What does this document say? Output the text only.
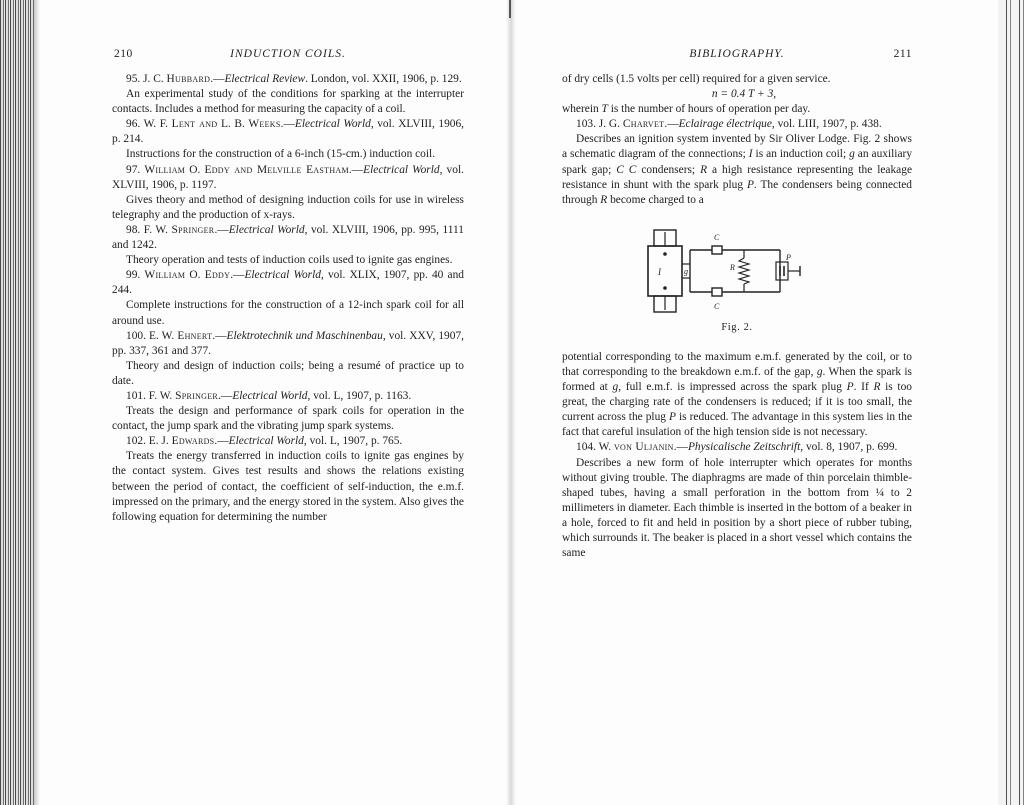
210	INDUCTION COILS.

95. J. C. Hubbard.—Electrical Review. London, vol. XXII, 1906, p. 129.

An experimental study of the conditions for sparking at the interrupter contacts. Includes a method for measuring the capacity of a coil.

96. W. F. Lent and L. B. Weeks.—Electrical World, vol. XLVIII, 1906, p. 214.

Instructions for the construction of a 6-inch (15-cm.) induction coil.

97. William O. Eddy and Melville Eastham.—Electrical World, vol. XLVIII, 1906, p. 1197.

Gives theory and method of designing induction coils for use in wireless telegraphy and the production of x-rays.

98. F. W. Springer.—Electrical World, vol. XLVIII, 1906, pp. 995, 1111 and 1242.

Theory operation and tests of induction coils used to ignite gas engines.

99. William O. Eddy.—Electrical World, vol. XLIX, 1907, pp. 40 and 244.

Complete instructions for the construction of a 12-inch spark coil for all around use.

100. E. W. Ehnert.—Elektrotechnik und Maschinenbau, vol. XXV, 1907, pp. 337, 361 and 377.

Theory and design of induction coils; being a resumé of practice up to date.

101. F. W. Springer.—Electrical World, vol. L, 1907, p. 1163.

Treats the design and performance of spark coils for operation in the contact, the jump spark and the vibrating jump spark systems.

102. E. J. Edwards.—Electrical World, vol. L, 1907, p. 765.

Treats the energy transferred in induction coils to ignite gas engines by the contact system. Gives test results and shows the relations existing between the period of contact, the coefficient of self-induction, the e.m.f. impressed on the primary, and the energy stored in the system. Also gives the following equation for determining the number

BIBLIOGRAPHY.	211

of dry cells (1.5 volts per cell) required for a given service.

n = 0.4 T + 3,

wherein T is the number of hours of operation per day.

103. J. G. Charvet.—Eclairage électrique, vol. LIII, 1907, p. 438.

Describes an ignition system invented by Sir Oliver Lodge. Fig. 2 shows a schematic diagram of the connections; I is an induction coil; g an auxiliary spark gap; C C condensers; R a high resistance representing the leakage resistance in shunt with the spark plug P. The condensers being connected through R become charged to a

I	g
C
C
R
P
Fig. 2.

potential corresponding to the maximum e.m.f. generated by the coil, or to that corresponding to the breakdown e.m.f. of the gap, g. When the spark is formed at g, full e.m.f. is impressed across the spark plug P. If R is too great, the charging rate of the condensers is reduced; if it is too small, the current across the plug P is reduced. The advantage in this system lies in the fact that careful insulation of the high tension side is not necessary.

104. W. von Uljanin.—Physicalische Zeitschrift, vol. 8, 1907, p. 699.

Describes a new form of hole interrupter which operates for months without giving trouble. The diaphragms are made of thin porcelain thimble-shaped tubes, having a small perforation in the bottom from ¼ to 2 millimeters in diameter. Each thimble is inserted in the bottom of a beaker in a hole, forced to fit and held in position by a short piece of rubber tubing, which surrounds it. The beaker is placed in a short vessel which contains the same
